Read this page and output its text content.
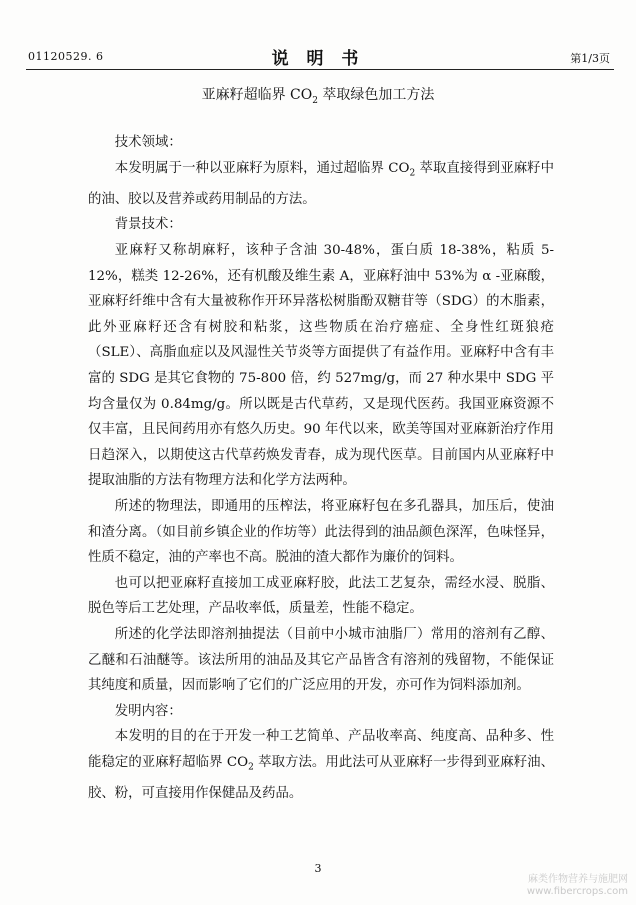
01120529. 6	说 明 书	第1/3页
亚麻籽超临界 $CO_2$ 萃取绿色加工方法

技术领域：

本发明属于一种以亚麻籽为原料，通过超临界 $CO_2$ 萃取直接得到亚麻籽中的油、胶以及营养或药用制品的方法。

背景技术：

亚麻籽又称胡麻籽，该种子含油 30-48%，蛋白质 18-38%，粘质 5-12%，糕类 12-26%，还有机酸及维生素 A，亚麻籽油中 53%为 α -亚麻酸，亚麻籽纤维中含有大量被称作开环异落松树脂酚双糖苷等（SDG）的木脂素，此外亚麻籽还含有树胶和粘浆，这些物质在治疗癌症、全身性红斑狼疮（SLE）、高脂血症以及风湿性关节炎等方面提供了有益作用。亚麻籽中含有丰富的 SDG 是其它食物的 75-800 倍，约 527mg/g，而 27 种水果中 SDG 平均含量仅为 0.84mg/g。所以既是古代草药，又是现代医药。我国亚麻资源不仅丰富，且民间药用亦有悠久历史。90 年代以来，欧美等国对亚麻新治疗作用日趋深入，以期使这古代草药焕发青春，成为现代医草。目前国内从亚麻籽中提取油脂的方法有物理方法和化学方法两种。

所述的物理法，即通用的压榨法，将亚麻籽包在多孔器具，加压后，使油和渣分离。（如目前乡镇企业的作坊等）此法得到的油品颜色深浑，色味怪异，性质不稳定，油的产率也不高。脱油的渣大都作为廉价的饲料。

也可以把亚麻籽直接加工成亚麻籽胶，此法工艺复杂，需经水浸、脱脂、脱色等后工艺处理，产品收率低，质量差，性能不稳定。

所述的化学法即溶剂抽提法（目前中小城市油脂厂）常用的溶剂有乙醇、乙醚和石油醚等。该法所用的油品及其它产品皆含有溶剂的残留物，不能保证其纯度和质量，因而影响了它们的广泛应用的开发，亦可作为饲料添加剂。

发明内容：

本发明的目的在于开发一种工艺简单、产品收率高、纯度高、品种多、性能稳定的亚麻籽超临界 $CO_2$ 萃取方法。用此法可从亚麻籽一步得到亚麻籽油、胶、粉，可直接用作保健品及药品。

3
麻类作物营养与施肥网
www.fibercrops.com
